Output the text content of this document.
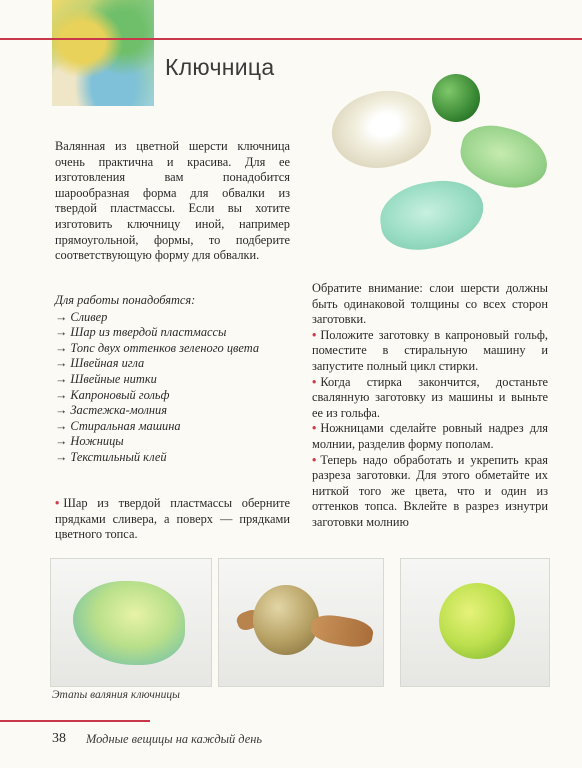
Ключница

Валянная из цветной шерсти ключница очень практична и красива. Для ее изготовления вам понадобится шарообразная форма для обвалки из твердой пластмассы. Если вы хотите изготовить ключницу иной, например прямоугольной, формы, то подберите соответствующую форму для обвалки.

Для работы понадобятся:

→ Сливер
→ Шар из твердой пластмассы
→ Топс двух оттенков зеленого цвета
→ Швейная игла
→ Швейные нитки
→ Капроновый гольф
→ Застежка-молния
→ Стиральная машина
→ Ножницы
→ Текстильный клей

• Шар из твердой пластмассы оберните прядками сливера, а поверх — прядками цветного топса.

Обратите внимание: слои шерсти должны быть одинаковой толщины со всех сторон заготовки.

• Положите заготовку в капроновый гольф, поместите в стиральную машину и запустите полный цикл стирки.

• Когда стирка закончится, достаньте свалянную заготовку из машины и выньте ее из гольфа.

• Ножницами сделайте ровный надрез для молнии, разделив форму пополам.

• Теперь надо обработать и укрепить края разреза заготовки. Для этого обметайте их ниткой того же цвета, что и один из оттенков топса. Вклейте в разрез изнутри заготовки молнию

Этапы валяния ключницы
38 Модные вещицы на каждый день
